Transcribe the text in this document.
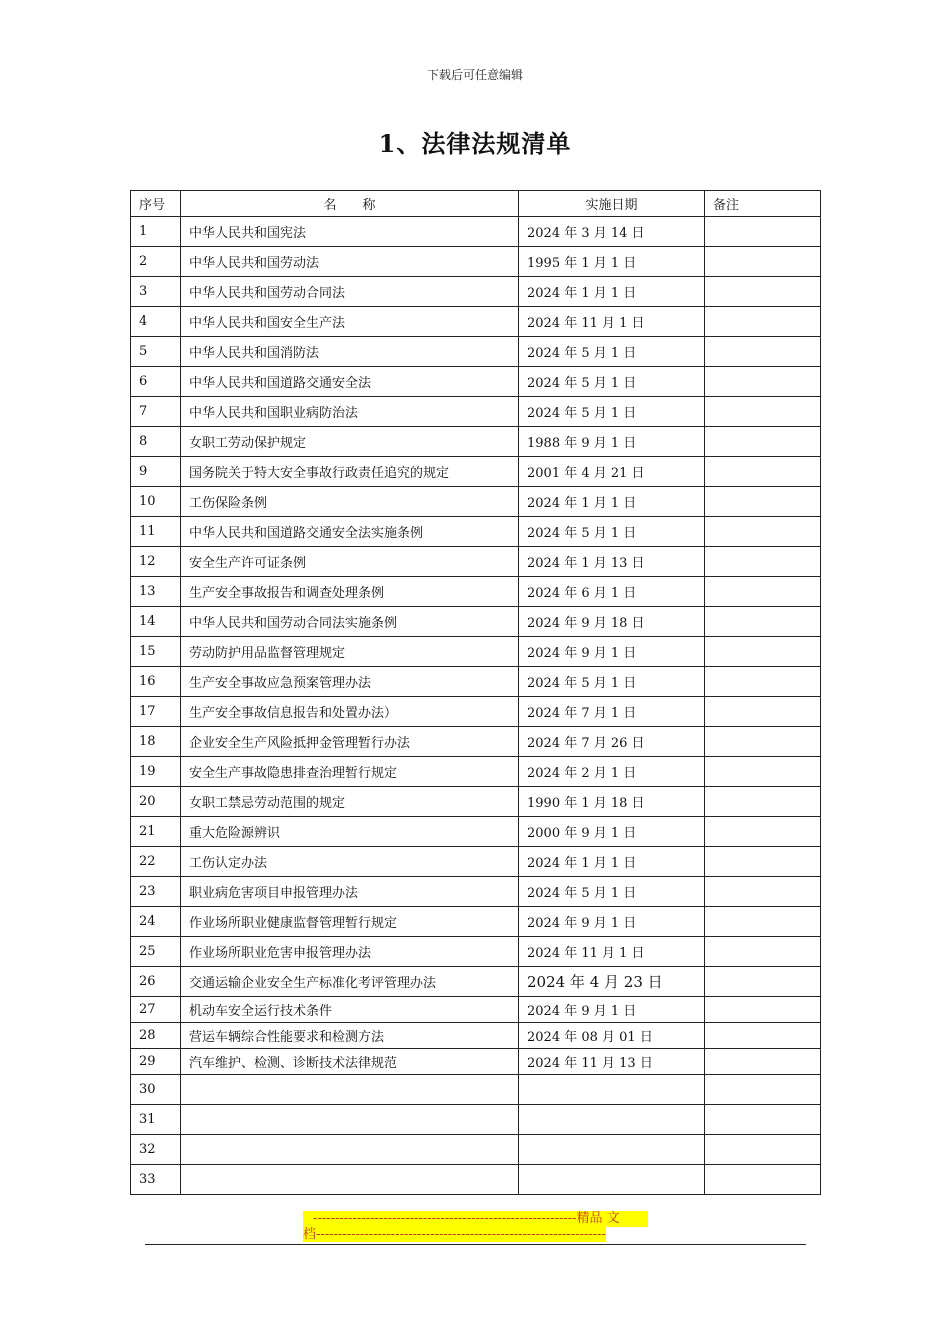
下载后可任意编辑
1、法律法规清单
序号	名　　称	实施日期	备注
1	中华人民共和国宪法	2024 年 3 月 14 日	
2	中华人民共和国劳动法	1995 年 1 月 1 日	
3	中华人民共和国劳动合同法	2024 年 1 月 1 日	
4	中华人民共和国安全生产法	2024 年 11 月 1 日	
5	中华人民共和国消防法	2024 年 5 月 1 日	
6	中华人民共和国道路交通安全法	2024 年 5 月 1 日	
7	中华人民共和国职业病防治法	2024 年 5 月 1 日	
8	女职工劳动保护规定	1988 年 9 月 1 日	
9	国务院关于特大安全事故行政责任追究的规定	2001 年 4 月 21 日	
10	工伤保险条例	2024 年 1 月 1 日	
11	中华人民共和国道路交通安全法实施条例	2024 年 5 月 1 日	
12	安全生产许可证条例	2024 年 1 月 13 日	
13	生产安全事故报告和调查处理条例	2024 年 6 月 1 日	
14	中华人民共和国劳动合同法实施条例	2024 年 9 月 18 日	
15	劳动防护用品监督管理规定	2024 年 9 月 1 日	
16	生产安全事故应急预案管理办法	2024 年 5 月 1 日	
17	生产安全事故信息报告和处置办法）	2024 年 7 月 1 日	
18	企业安全生产风险抵押金管理暂行办法	2024 年 7 月 26 日	
19	安全生产事故隐患排查治理暂行规定	2024 年 2 月 1 日	
20	女职工禁忌劳动范围的规定	1990 年 1 月 18 日	
21	重大危险源辨识	2000 年 9 月 1 日	
22	工伤认定办法	2024 年 1 月 1 日	
23	职业病危害项目申报管理办法	2024 年 5 月 1 日	
24	作业场所职业健康监督管理暂行规定	2024 年 9 月 1 日	
25	作业场所职业危害申报管理办法	2024 年 11 月 1 日	
26	交通运输企业安全生产标准化考评管理办法	2024 年 4 月 23 日	
27	机动车安全运行技术条件	2024 年 9 月 1 日	
28	营运车辆综合性能要求和检测方法	2024 年 08 月 01 日	
29	汽车维护、检测、诊断技术法律规范	2024 年 11 月 13 日	
30			
31			
32			
33			
------------------------------------------------------------精品 文
档------------------------------------------------------------------
